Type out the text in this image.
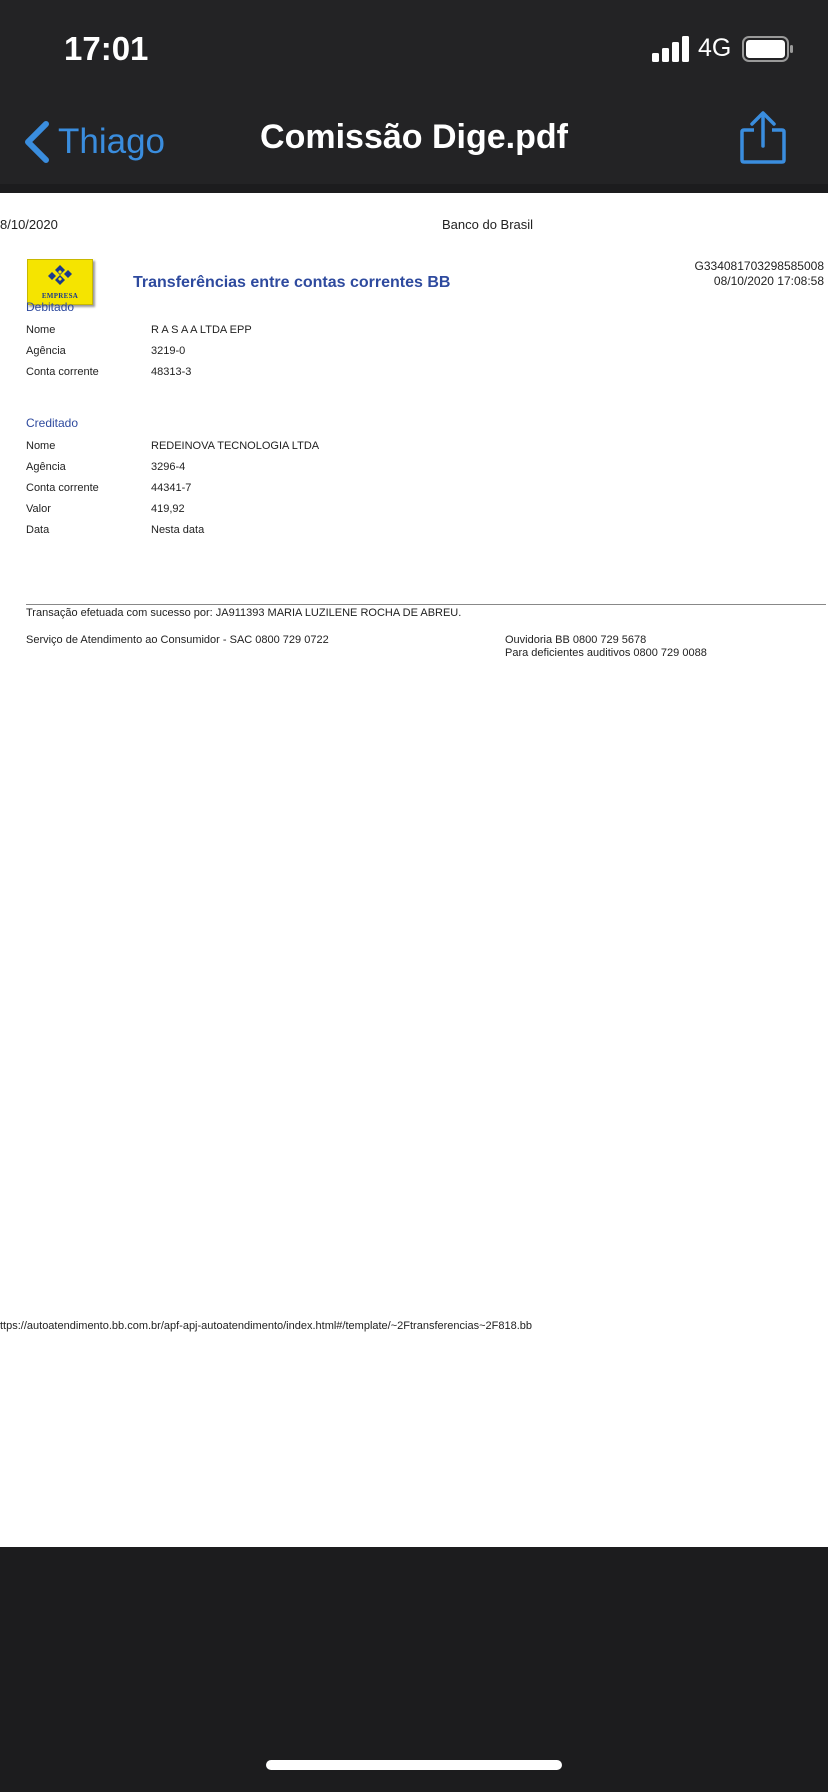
17:01	4G
Thiago	Comissão Dige.pdf
8/10/2020	Banco do Brasil
EMPRESA
Transferências entre contas correntes BB
G334081703298585008
08/10/2020 17:08:58
Debitado
Nome	R A S A A LTDA EPP
Agência	3219-0
Conta corrente	48313-3
Creditado
Nome	REDEINOVA TECNOLOGIA LTDA
Agência	3296-4
Conta corrente	44341-7
Valor	419,92
Data	Nesta data
Transação efetuada com sucesso por: JA911393 MARIA LUZILENE ROCHA DE ABREU.
Serviço de Atendimento ao Consumidor - SAC 0800 729 0722	Ouvidoria BB 0800 729 5678
Para deficientes auditivos 0800 729 0088
ttps://autoatendimento.bb.com.br/apf-apj-autoatendimento/index.html#/template/~2Ftransferencias~2F818.bb
